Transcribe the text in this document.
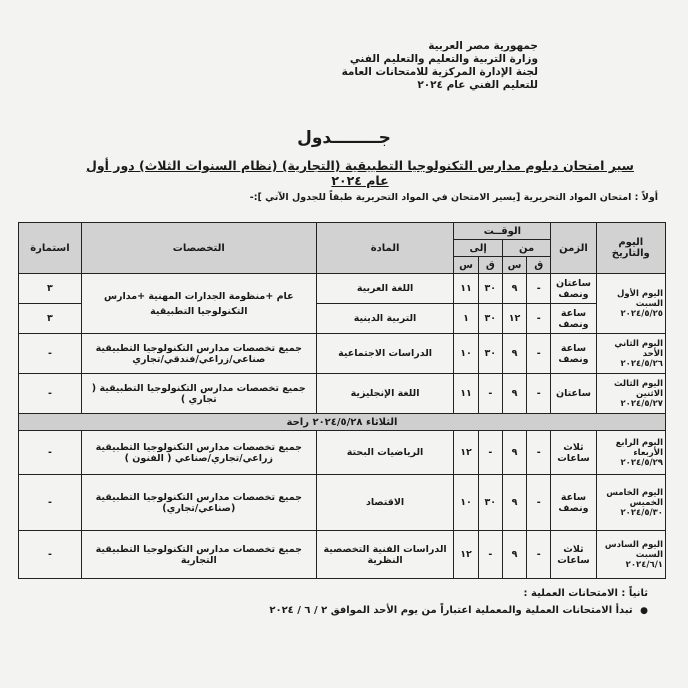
جمهورية مصر العربية
وزارة التربية والتعليم والتعليم الفني
لجنة الإدارة المركزية للامتحانات العامة
للتعليم الفني عام ٢٠٢٤
جــــــــدول
سير امتحان دبلوم مدارس التكنولوجيا التطبيقية (التجارية) (نظام السنوات الثلاث) دور أول عام ٢٠٢٤
أولاً : امتحان المواد التحريرية [يسير الامتحان في المواد التحريرية طبقاً للجدول الآتي ]:-
اليوم والتاريخ	الزمن	الوقــت				المادة	التخصصات	استمارة
		من		إلى				
		ق	س	ق	س			
اليوم الأول السبت ٢٠٢٤/٥/٢٥	ساعتان ونصف	-	٩	٣٠	١١	اللغة العربية	عام +منظومة الجدارات المهنية +مدارس التكنولوجيا التطبيقية	٣
	ساعة ونصف	-	١٢	٣٠	١	التربية الدينية		٣
اليوم الثاني الأحد ٢٠٢٤/٥/٢٦	ساعة ونصف	-	٩	٣٠	١٠	الدراسات الاجتماعية	جميع تخصصات مدارس التكنولوجيا التطبيقية صناعي/زراعي/فندقي/تجاري	-
اليوم الثالث الاثنين ٢٠٢٤/٥/٢٧	ساعتان	-	٩	-	١١	اللغة الإنجليزية	جميع تخصصات مدارس التكنولوجيا التطبيقية ( تجاري )	-
الثلاثاء ٢٠٢٤/٥/٢٨ راحة								
اليوم الرابع الأربعاء ٢٠٢٤/٥/٢٩	ثلاث ساعات	-	٩	-	١٢	الرياضيات البحتة	جميع تخصصات مدارس التكنولوجيا التطبيقية زراعي/تجاري/صناعي ( الفنون )	-
اليوم الخامس الخميس ٢٠٢٤/٥/٣٠	ساعة ونصف	-	٩	٣٠	١٠	الاقتصاد	جميع تخصصات مدارس التكنولوجيا التطبيقية (صناعي/تجاري)	-
اليوم السادس السبت ٢٠٢٤/٦/١	ثلاث ساعات	-	٩	-	١٢	الدراسات الفنية التخصصية النظرية	جميع تخصصات مدارس التكنولوجيا التطبيقية التجارية	-
ثانياً : الامتحانات العملية :
● تبدأ الامتحانات العملية والمعملية اعتباراً من يوم الأحد الموافق ٢ / ٦ / ٢٠٢٤
